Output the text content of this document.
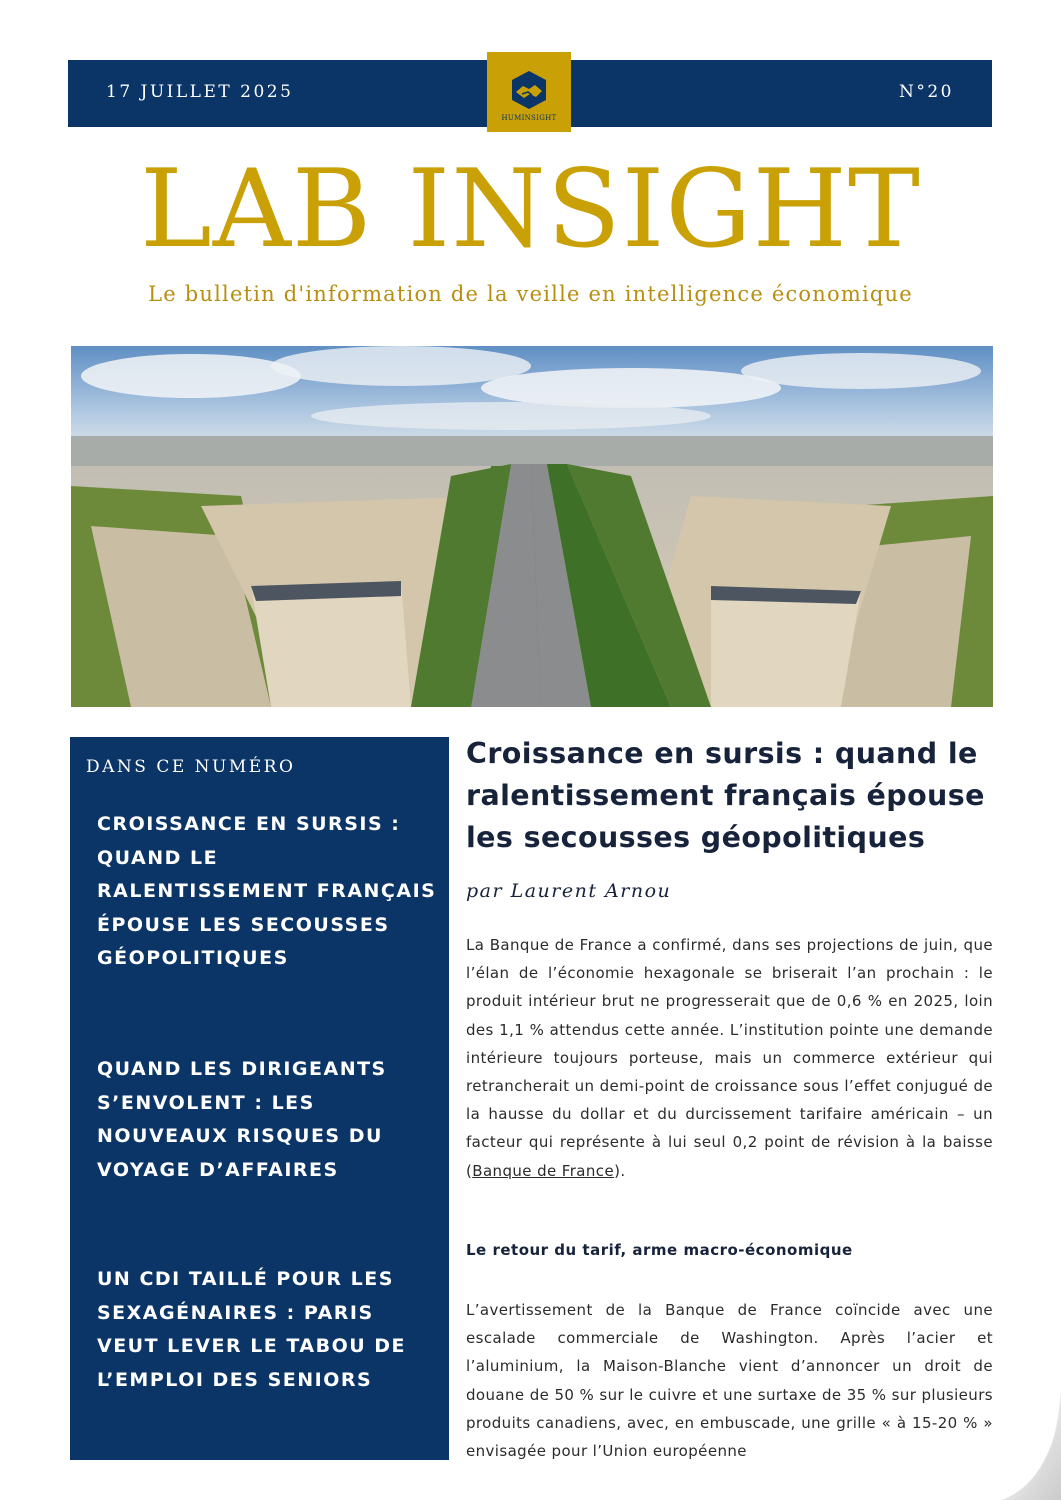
17 JUILLET 2025	N°20
HUMINSIGHT
LAB INSIGHT
Le bulletin d'information de la veille en intelligence économique
DANS CE NUMÉRO
CROISSANCE EN SURSIS : QUAND LE RALENTISSEMENT FRANÇAIS ÉPOUSE LES SECOUSSES GÉOPOLITIQUES
QUAND LES DIRIGEANTS S’ENVOLENT : LES NOUVEAUX RISQUES DU VOYAGE D’AFFAIRES
UN CDI TAILLÉ POUR LES SEXAGÉNAIRES : PARIS VEUT LEVER LE TABOU DE L’EMPLOI DES SENIORS
Croissance en sursis : quand le ralentissement français épouse les secousses géopolitiques
par Laurent Arnou

La Banque de France a confirmé, dans ses projections de juin, que l’élan de l’économie hexagonale se briserait l’an prochain : le produit intérieur brut ne progresserait que de 0,6 % en 2025, loin des 1,1 % attendus cette année. L’institution pointe une demande intérieure toujours porteuse, mais un commerce extérieur qui retrancherait un demi-point de croissance sous l’effet conjugué de la hausse du dollar et du durcissement tarifaire américain – un facteur qui représente à lui seul 0,2 point de révision à la baisse (Banque de France).

Le retour du tarif, arme macro-économique

L’avertissement de la Banque de France coïncide avec une escalade commerciale de Washington. Après l’acier et l’aluminium, la Maison-Blanche vient d’annoncer un droit de douane de 50 % sur le cuivre et une surtaxe de 35 % sur plusieurs produits canadiens, avec, en embuscade, une grille « à 15-20 % » envisagée pour l’Union européenne
